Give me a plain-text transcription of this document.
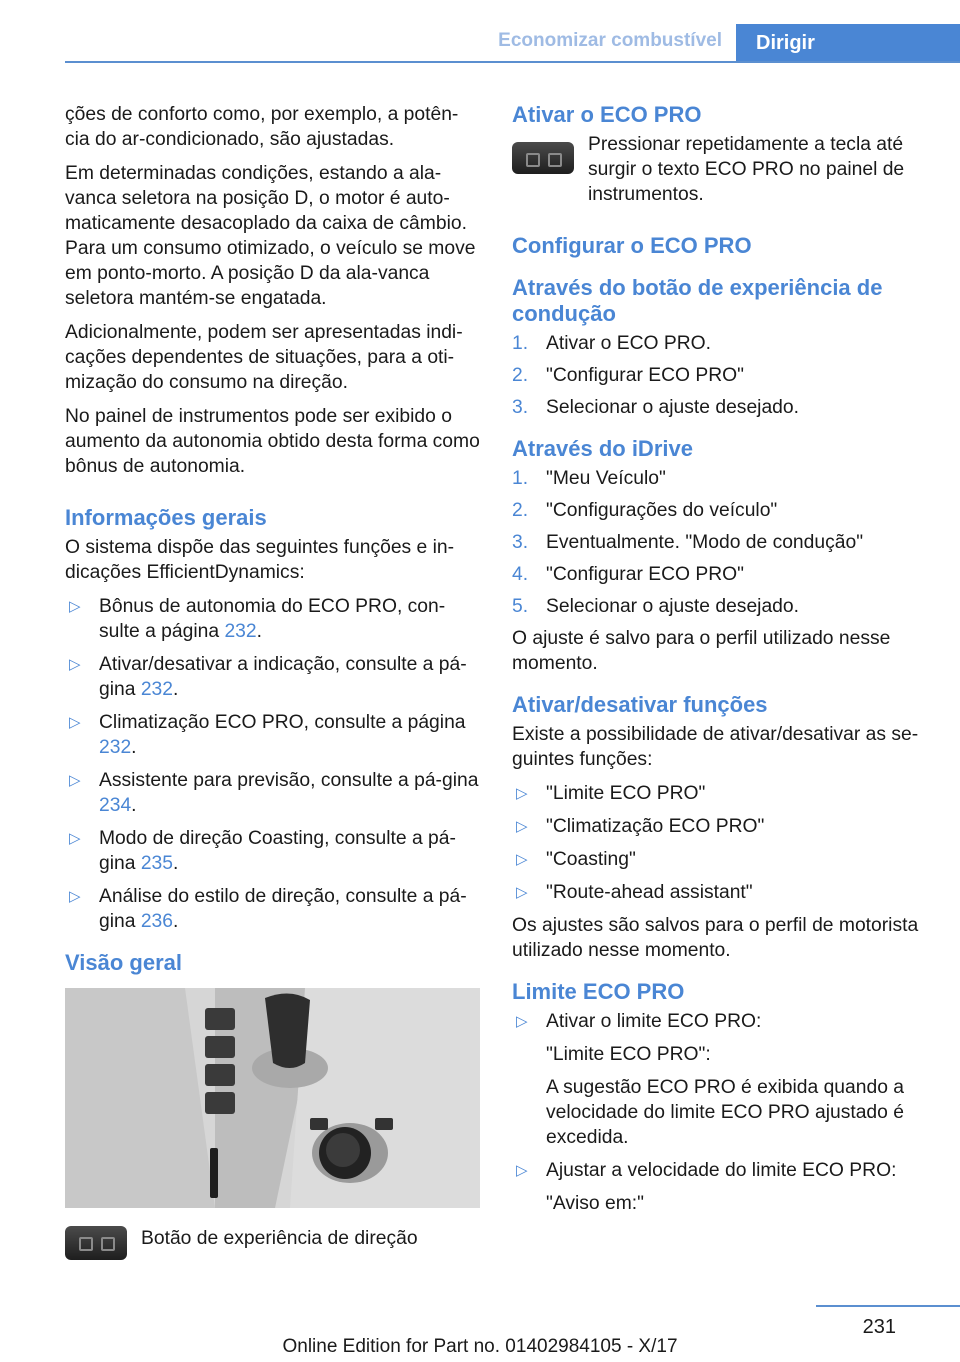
Economizar combustível	Dirigir

ções de conforto como, por exemplo, a potên-cia do ar-condicionado, são ajustadas.

Em determinadas condições, estando a ala-vanca seletora na posição D, o motor é auto-maticamente desacoplado da caixa de câmbio. Para um consumo otimizado, o veículo se move em ponto-morto. A posição D da ala-vanca seletora mantém-se engatada.

Adicionalmente, podem ser apresentadas indi-cações dependentes de situações, para a oti-mização do consumo na direção.

No painel de instrumentos pode ser exibido o aumento da autonomia obtido desta forma como bônus de autonomia.

Informações gerais

O sistema dispõe das seguintes funções e in-dicações EfficientDynamics:

▷ Bônus de autonomia do ECO PRO, con-sulte a página 232.
▷ Ativar/desativar a indicação, consulte a pá-gina 232.
▷ Climatização ECO PRO, consulte a página 232.
▷ Assistente para previsão, consulte a pá-gina 234.
▷ Modo de direção Coasting, consulte a pá-gina 235.
▷ Análise do estilo de direção, consulte a pá-gina 236.
Visão geral
Botão de experiência de direção
Ativar o ECO PRO
Pressionar repetidamente a tecla até surgir o texto ECO PRO no painel de instrumentos.
Configurar o ECO PRO
Através do botão de experiência de condução
1. Ativar o ECO PRO.
2. "Configurar ECO PRO"
3. Selecionar o ajuste desejado.
Através do iDrive
1. "Meu Veículo"
2. "Configurações do veículo"
3. Eventualmente. "Modo de condução"
4. "Configurar ECO PRO"
5. Selecionar o ajuste desejado.

O ajuste é salvo para o perfil utilizado nesse momento.

Ativar/desativar funções

Existe a possibilidade de ativar/desativar as se-guintes funções:

▷ "Limite ECO PRO"
▷ "Climatização ECO PRO"
▷ "Coasting"
▷ "Route-ahead assistant"

Os ajustes são salvos para o perfil de motorista utilizado nesse momento.

Limite ECO PRO
▷ Ativar o limite ECO PRO:
"Limite ECO PRO":
A sugestão ECO PRO é exibida quando a velocidade do limite ECO PRO ajustado é excedida.
▷ Ajustar a velocidade do limite ECO PRO:
"Aviso em:"
231
Online Edition for Part no. 01402984105 - X/17
